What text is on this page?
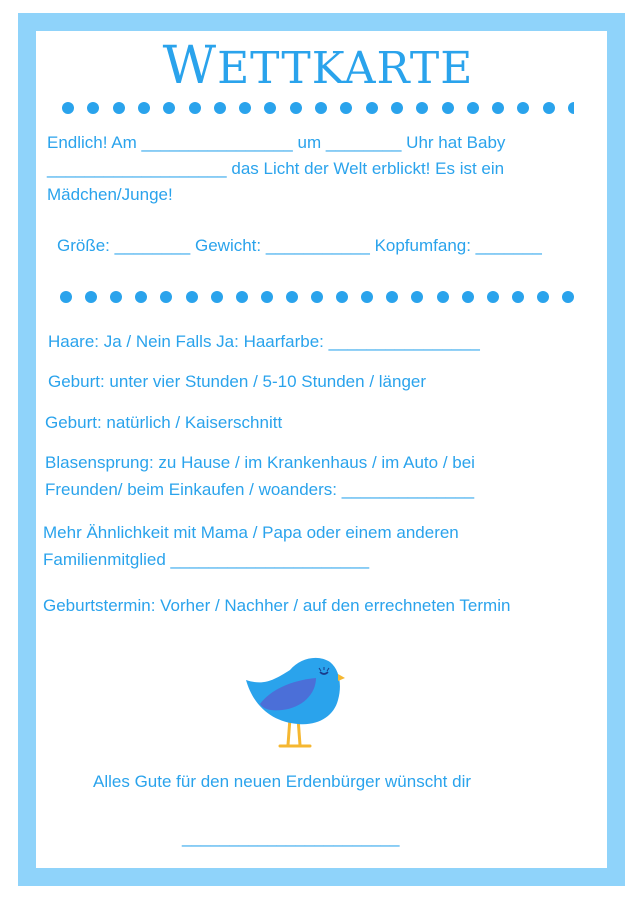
WETTKARTE
Endlich! Am ________________ um ________ Uhr hat Baby
___________________ das Licht der Welt erblickt! Es ist ein
Mädchen/Junge!
Größe: ________ Gewicht: ___________ Kopfumfang: _______
Haare: Ja / Nein Falls Ja: Haarfarbe: ________________
Geburt: unter vier Stunden / 5-10 Stunden / länger
Geburt: natürlich / Kaiserschnitt
Blasensprung: zu Hause / im Krankenhaus / im Auto / bei
Freunden/ beim Einkaufen / woanders: ______________
Mehr Ähnlichkeit mit Mama / Papa oder einem anderen
Familienmitglied _____________________
Geburtstermin: Vorher / Nachher / auf den errechneten Termin
Alles Gute für den neuen Erdenbürger wünscht dir
_______________________
